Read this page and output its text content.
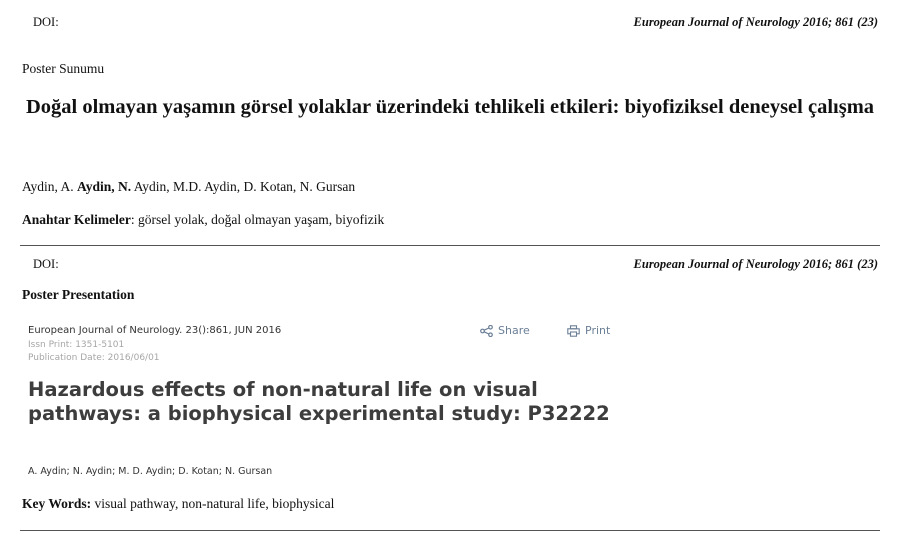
DOI:	European Journal of Neurology 2016; 861 (23)
Poster Sunumu
Doğal olmayan yaşamın görsel yolaklar üzerindeki tehlikeli etkileri: biyofiziksel deneysel çalışma
Aydin, A. Aydin, N. Aydin, M.D. Aydin, D. Kotan, N. Gursan
Anahtar Kelimeler: görsel yolak, doğal olmayan yaşam, biyofizik
DOI:	European Journal of Neurology 2016; 861 (23)
Poster Presentation
European Journal of Neurology. 23():861, JUN 2016
Issn Print: 1351-5101
Publication Date: 2016/06/01
Share	Print
Hazardous effects of non-natural life on visual pathways: a biophysical experimental study: P32222
A. Aydin; N. Aydin; M. D. Aydin; D. Kotan; N. Gursan
Key Words: visual pathway, non-natural life, biophysical
